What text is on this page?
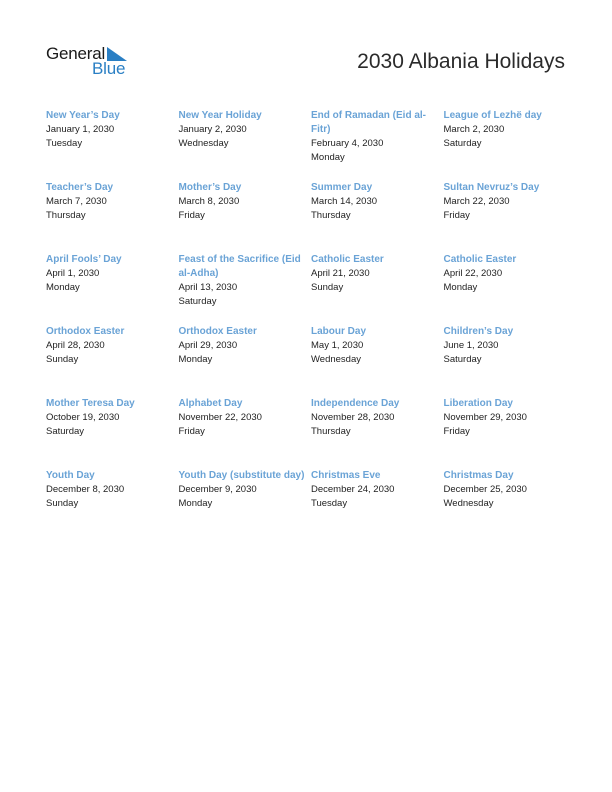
General
Blue	2030 Albania Holidays
New Year’s Day
January 1, 2030
Tuesday
New Year Holiday
January 2, 2030
Wednesday
End of Ramadan (Eid al-Fitr)
February 4, 2030
Monday
League of Lezhë day
March 2, 2030
Saturday
Teacher’s Day
March 7, 2030
Thursday
Mother’s Day
March 8, 2030
Friday
Summer Day
March 14, 2030
Thursday
Sultan Nevruz’s Day
March 22, 2030
Friday
April Fools’ Day
April 1, 2030
Monday
Feast of the Sacrifice (Eid al-Adha)
April 13, 2030
Saturday
Catholic Easter
April 21, 2030
Sunday
Catholic Easter
April 22, 2030
Monday
Orthodox Easter
April 28, 2030
Sunday
Orthodox Easter
April 29, 2030
Monday
Labour Day
May 1, 2030
Wednesday
Children’s Day
June 1, 2030
Saturday
Mother Teresa Day
October 19, 2030
Saturday
Alphabet Day
November 22, 2030
Friday
Independence Day
November 28, 2030
Thursday
Liberation Day
November 29, 2030
Friday
Youth Day
December 8, 2030
Sunday
Youth Day (substitute day)
December 9, 2030
Monday
Christmas Eve
December 24, 2030
Tuesday
Christmas Day
December 25, 2030
Wednesday
